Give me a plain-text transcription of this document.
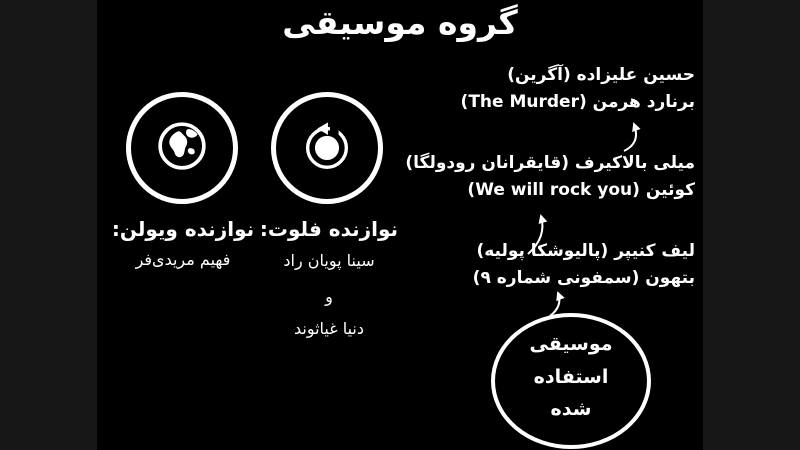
گروه موسیقی
نوازنده ویولن:
فهیم مریدی‌فر
نوازنده فلوت:
سینا پویان راد
و
دنیا غیاثوند
حسین علیزاده (آگرین)
برنارد هرمن (The Murder)
میلی بالاکیرف (قایقرانان رودولگا)
کوئین (We will rock you)
لیف کنیپر (پالیوشکا پولیه)
بتهون (سمفونی شماره ۹)
موسیقی
استفاده
شده
